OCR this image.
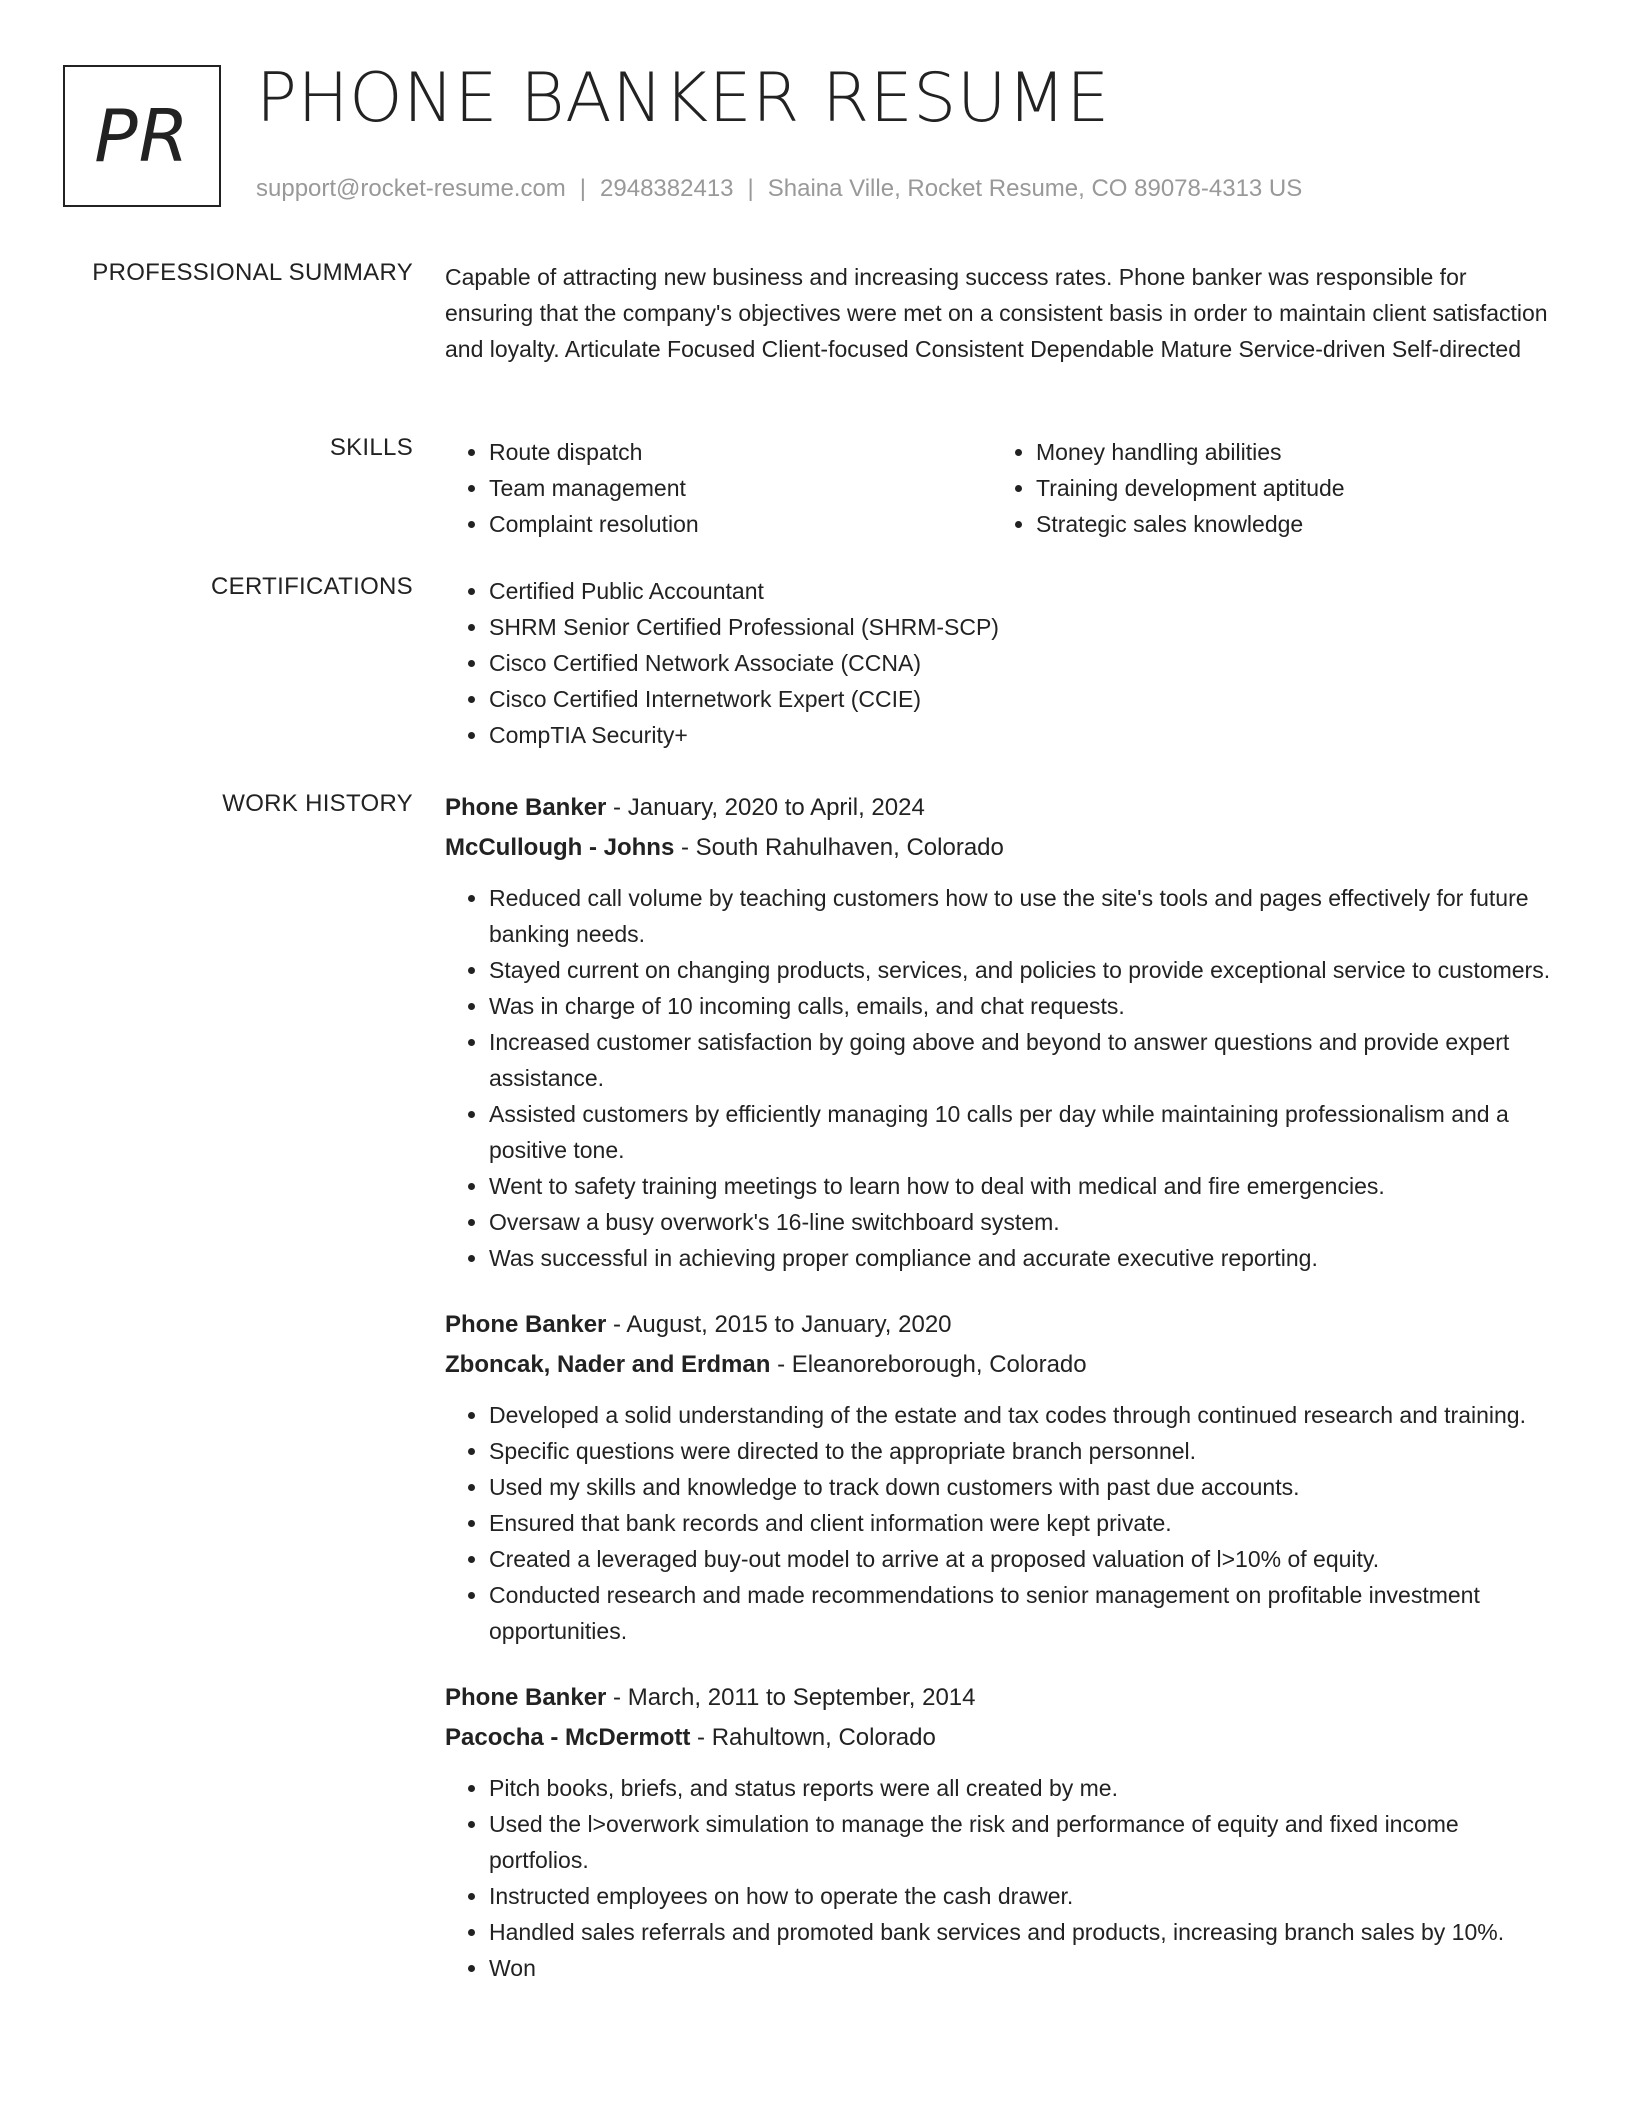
PR PHONE BANKER RESUME
support@rocket-resume.com | 2948382413 | Shaina Ville, Rocket Resume, CO 89078-4313 US
PROFESSIONAL SUMMARY Capable of attracting new business and increasing success rates. Phone banker was responsible for ensuring that the company's objectives were met on a consistent basis in order to maintain client satisfaction and loyalty. Articulate Focused Client-focused Consistent Dependable Mature Service-driven Self-directed

SKILLS	• Route dispatch
• Team management
• Complaint resolution
• Money handling abilities
• Training development aptitude
• Strategic sales knowledge
CERTIFICATIONS	• Certified Public Accountant
• SHRM Senior Certified Professional (SHRM-SCP)
• Cisco Certified Network Associate (CCNA)
• Cisco Certified Internetwork Expert (CCIE)
• CompTIA Security+
WORK HISTORY Phone Banker - January, 2020 to April, 2024
McCullough - Johns - South Rahulhaven, Colorado
• Reduced call volume by teaching customers how to use the site's tools and pages effectively for future banking needs.
• Stayed current on changing products, services, and policies to provide exceptional service to customers.
• Was in charge of 10 incoming calls, emails, and chat requests.
• Increased customer satisfaction by going above and beyond to answer questions and provide expert assistance.
• Assisted customers by efficiently managing 10 calls per day while maintaining professionalism and a positive tone.
• Went to safety training meetings to learn how to deal with medical and fire emergencies.
• Oversaw a busy overwork's 16-line switchboard system.
• Was successful in achieving proper compliance and accurate executive reporting.
Phone Banker - August, 2015 to January, 2020
Zboncak, Nader and Erdman - Eleanoreborough, Colorado
• Developed a solid understanding of the estate and tax codes through continued research and training.
• Specific questions were directed to the appropriate branch personnel.
• Used my skills and knowledge to track down customers with past due accounts.
• Ensured that bank records and client information were kept private.
• Created a leveraged buy-out model to arrive at a proposed valuation of l>10% of equity.
• Conducted research and made recommendations to senior management on profitable investment opportunities.
Phone Banker - March, 2011 to September, 2014
Pacocha - McDermott - Rahultown, Colorado
• Pitch books, briefs, and status reports were all created by me.
• Used the l>overwork simulation to manage the risk and performance of equity and fixed income portfolios.
• Instructed employees on how to operate the cash drawer.
• Handled sales referrals and promoted bank services and products, increasing branch sales by 10%.
• Won
